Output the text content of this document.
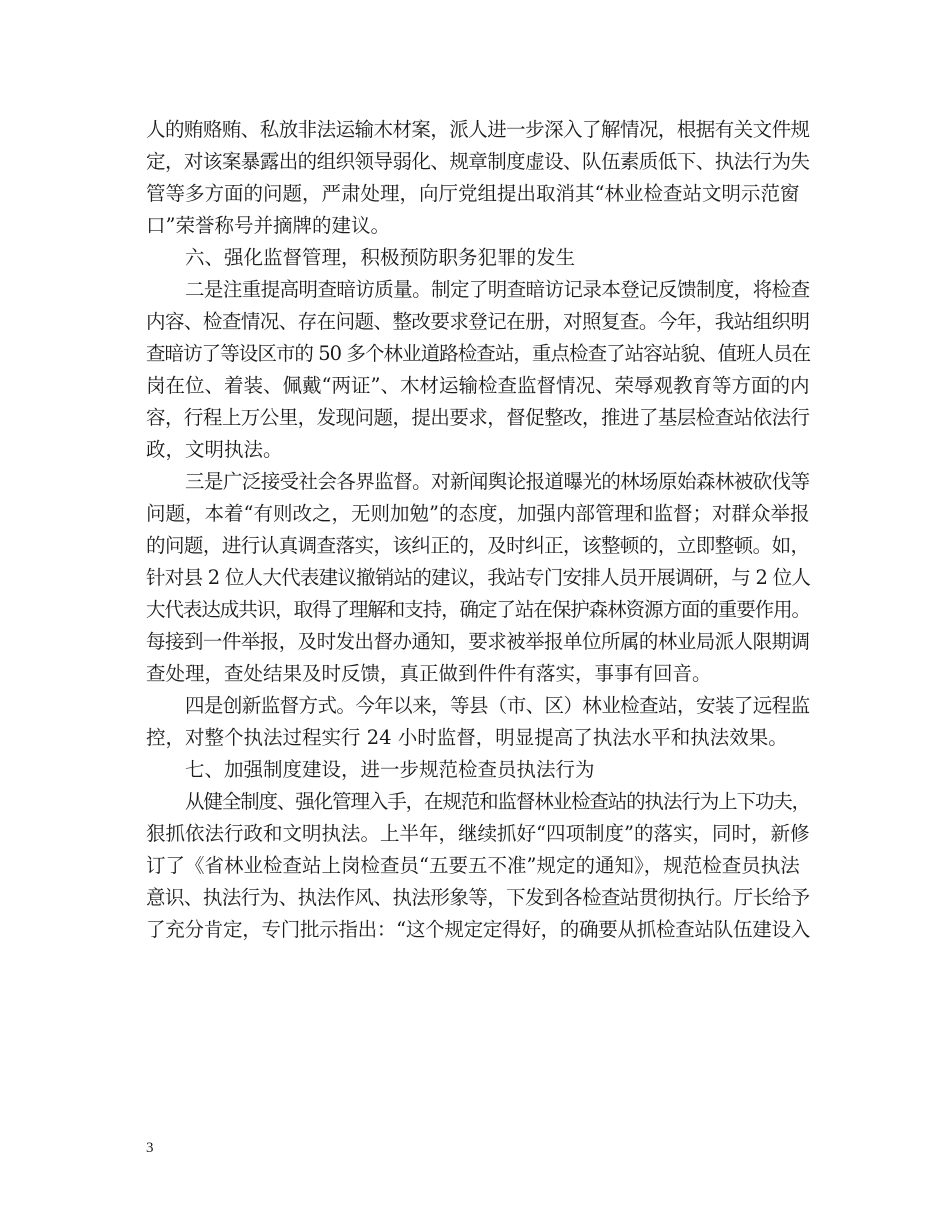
人的贿赂贿、私放非法运输木材案，派人进一步深入了解情况，根据有关文件规
定，对该案暴露出的组织领导弱化、规章制度虚设、队伍素质低下、执法行为失
管等多方面的问题，严肃处理，向厅党组提出取消其“林业检查站文明示范窗
口”荣誉称号并摘牌的建议。
六、强化监督管理，积极预防职务犯罪的发生
二是注重提高明查暗访质量。制定了明查暗访记录本登记反馈制度，将检查
内容、检查情况、存在问题、整改要求登记在册，对照复查。今年，我站组织明
查暗访了等设区市的 50 多个林业道路检查站，重点检查了站容站貌、值班人员在
岗在位、着装、佩戴“两证”、木材运输检查监督情况、荣辱观教育等方面的内
容，行程上万公里，发现问题，提出要求，督促整改，推进了基层检查站依法行
政，文明执法。
三是广泛接受社会各界监督。对新闻舆论报道曝光的林场原始森林被砍伐等
问题，本着“有则改之，无则加勉”的态度，加强内部管理和监督；对群众举报
的问题，进行认真调查落实，该纠正的，及时纠正，该整顿的，立即整顿。如，
针对县 2 位人大代表建议撤销站的建议，我站专门安排人员开展调研，与 2 位人
大代表达成共识，取得了理解和支持，确定了站在保护森林资源方面的重要作用。
每接到一件举报，及时发出督办通知，要求被举报单位所属的林业局派人限期调
查处理，查处结果及时反馈，真正做到件件有落实，事事有回音。
四是创新监督方式。今年以来，等县（市、区）林业检查站，安装了远程监
控，对整个执法过程实行 24 小时监督，明显提高了执法水平和执法效果。
七、加强制度建设，进一步规范检查员执法行为
从健全制度、强化管理入手，在规范和监督林业检查站的执法行为上下功夫，
狠抓依法行政和文明执法。上半年，继续抓好“四项制度”的落实，同时，新修
订了《省林业检查站上岗检查员“五要五不准”规定的通知》，规范检查员执法
意识、执法行为、执法作风、执法形象等，下发到各检查站贯彻执行。厅长给予
了充分肯定，专门批示指出：“这个规定定得好，的确要从抓检查站队伍建设入
3
